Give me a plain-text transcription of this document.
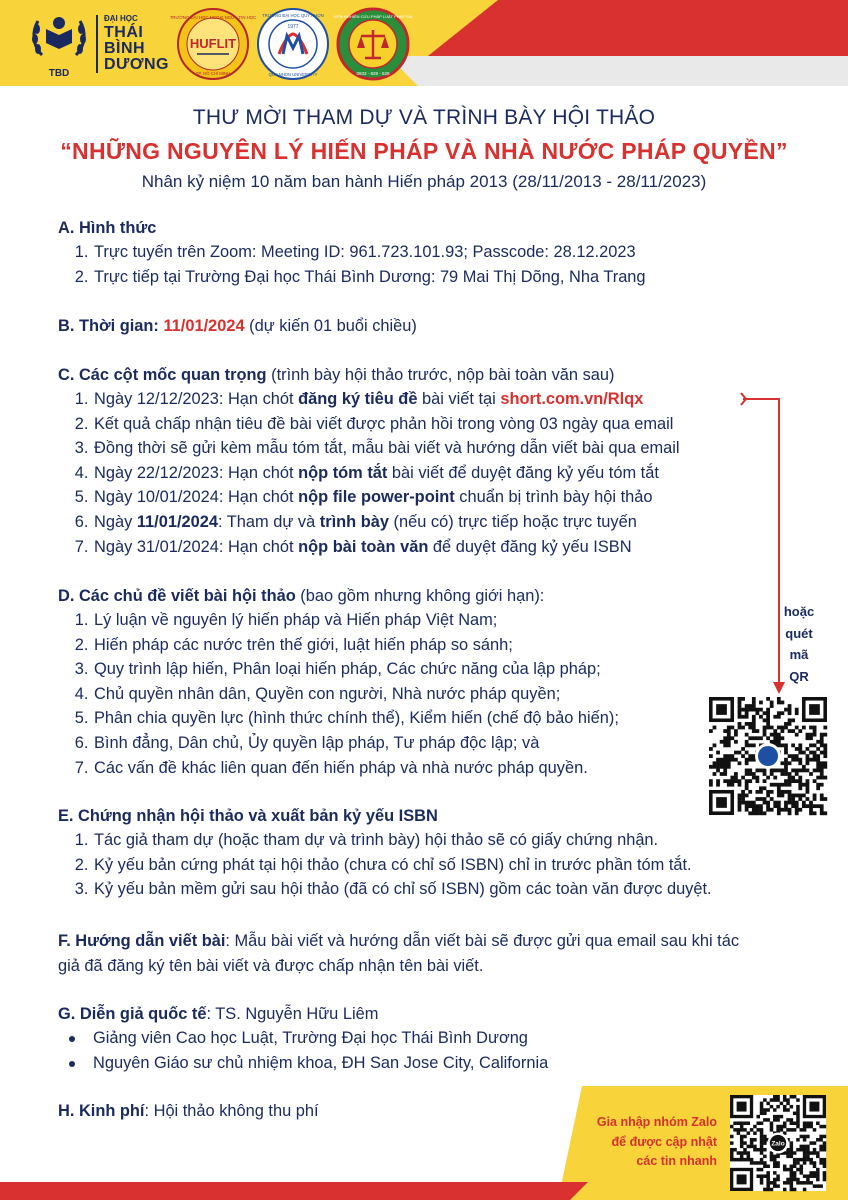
TBD
ĐẠI HỌC
THÁI
BÌNH
DƯƠNG
HUFLIT
TRƯỜNG ĐẠI HỌC NGOẠI NGỮ - TIN HỌC
TP. HỒ CHÍ MINH
1977
TRƯỜNG ĐẠI HỌC QUY NHƠN
QUY NHON UNIVERSITY
VIỆN NGHIÊN CỨU PHÁP LUẬT PHÁP SAI
0933 - 828 - 528
THƯ MỜI THAM DỰ VÀ TRÌNH BÀY HỘI THẢO
“NHỮNG NGUYÊN LÝ HIẾN PHÁP VÀ NHÀ NƯỚC PHÁP QUYỀN”
Nhân kỷ niệm 10 năm ban hành Hiến pháp 2013 (28/11/2013 - 28/11/2023)

A. Hình thức

1. Trực tuyến trên Zoom: Meeting ID: 961.723.101.93; Passcode: 28.12.2023
2. Trực tiếp tại Trường Đại học Thái Bình Dương: 79 Mai Thị Dõng, Nha Trang

B. Thời gian: 11/01/2024 (dự kiến 01 buổi chiều)

C. Các cột mốc quan trọng (trình bày hội thảo trước, nộp bài toàn văn sau)

1. Ngày 12/12/2023: Hạn chót đăng ký tiêu đề bài viết tại short.com.vn/Rlqx
2. Kết quả chấp nhận tiêu đề bài viết được phản hồi trong vòng 03 ngày qua email
3. Đồng thời sẽ gửi kèm mẫu tóm tắt, mẫu bài viết và hướng dẫn viết bài qua email
4. Ngày 22/12/2023: Hạn chót nộp tóm tắt bài viết để duyệt đăng kỷ yếu tóm tắt
5. Ngày 10/01/2024: Hạn chót nộp file power-point chuẩn bị trình bày hội thảo
6. Ngày 11/01/2024: Tham dự và trình bày (nếu có) trực tiếp hoặc trực tuyến
7. Ngày 31/01/2024: Hạn chót nộp bài toàn văn để duyệt đăng kỷ yếu ISBN

D. Các chủ đề viết bài hội thảo (bao gồm nhưng không giới hạn):

1. Lý luận về nguyên lý hiến pháp và Hiến pháp Việt Nam;
2. Hiến pháp các nước trên thế giới, luật hiến pháp so sánh;
3. Quy trình lập hiến, Phân loại hiến pháp, Các chức năng của lập pháp;
4. Chủ quyền nhân dân, Quyền con người, Nhà nước pháp quyền;
5. Phân chia quyền lực (hình thức chính thể), Kiểm hiến (chế độ bảo hiến);
6. Bình đẳng, Dân chủ, Ủy quyền lập pháp, Tư pháp độc lập; và
7. Các vấn đề khác liên quan đến hiến pháp và nhà nước pháp quyền.

E. Chứng nhận hội thảo và xuất bản kỷ yếu ISBN

1. Tác giả tham dự (hoặc tham dự và trình bày) hội thảo sẽ có giấy chứng nhận.
2. Kỷ yếu bản cứng phát tại hội thảo (chưa có chỉ số ISBN) chỉ in trước phần tóm tắt.
3. Kỷ yếu bản mềm gửi sau hội thảo (đã có chỉ số ISBN) gồm các toàn văn được duyệt.

F. Hướng dẫn viết bài: Mẫu bài viết và hướng dẫn viết bài sẽ được gửi qua email sau khi tác

giả đã đăng ký tên bài viết và được chấp nhận tên bài viết.

G. Diễn giả quốc tế: TS. Nguyễn Hữu Liêm

Giảng viên Cao học Luật, Trường Đại học Thái Bình Dương
Nguyên Giáo sư chủ nhiệm khoa, ĐH San Jose City, California

H. Kinh phí: Hội thảo không thu phí

hoặc
quét
mã
QR
Gia nhập nhóm Zalo
để được cập nhật
các tin nhanh
Zalo
